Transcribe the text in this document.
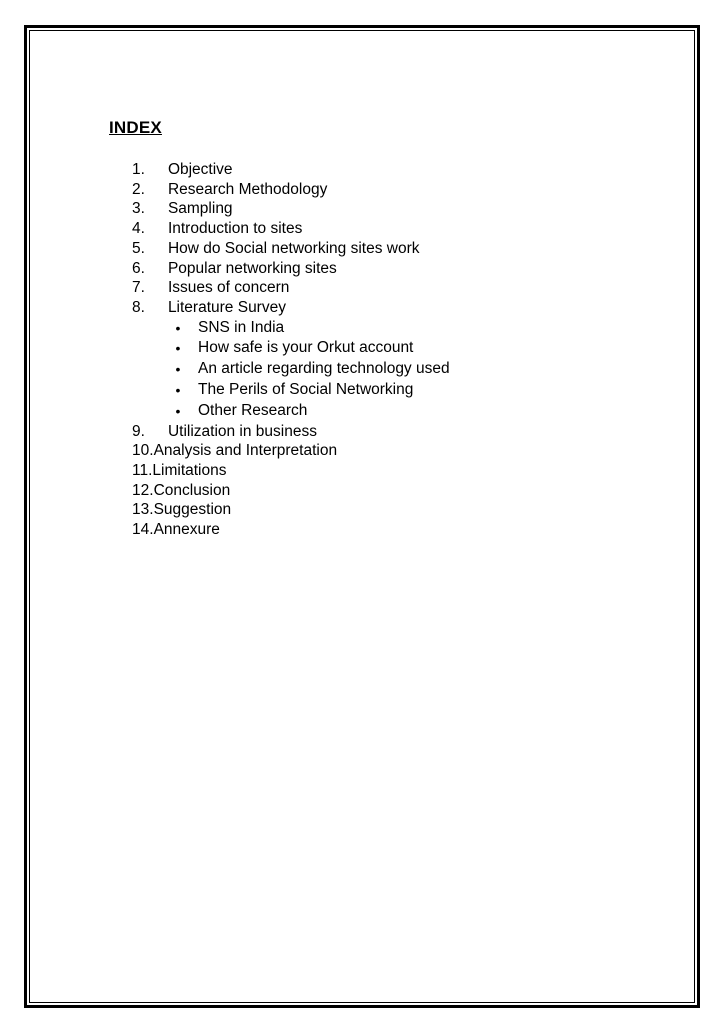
INDEX
1. Objective
2. Research Methodology
3. Sampling
4. Introduction to sites
5. How do Social networking sites work
6. Popular networking sites
7. Issues of concern
8. Literature Survey
• SNS in India
• How safe is your Orkut account
• An article regarding technology used
• The Perils of Social Networking
• Other Research
9. Utilization in business
10. Analysis and Interpretation
11. Limitations
12. Conclusion
13. Suggestion
14. Annexure
